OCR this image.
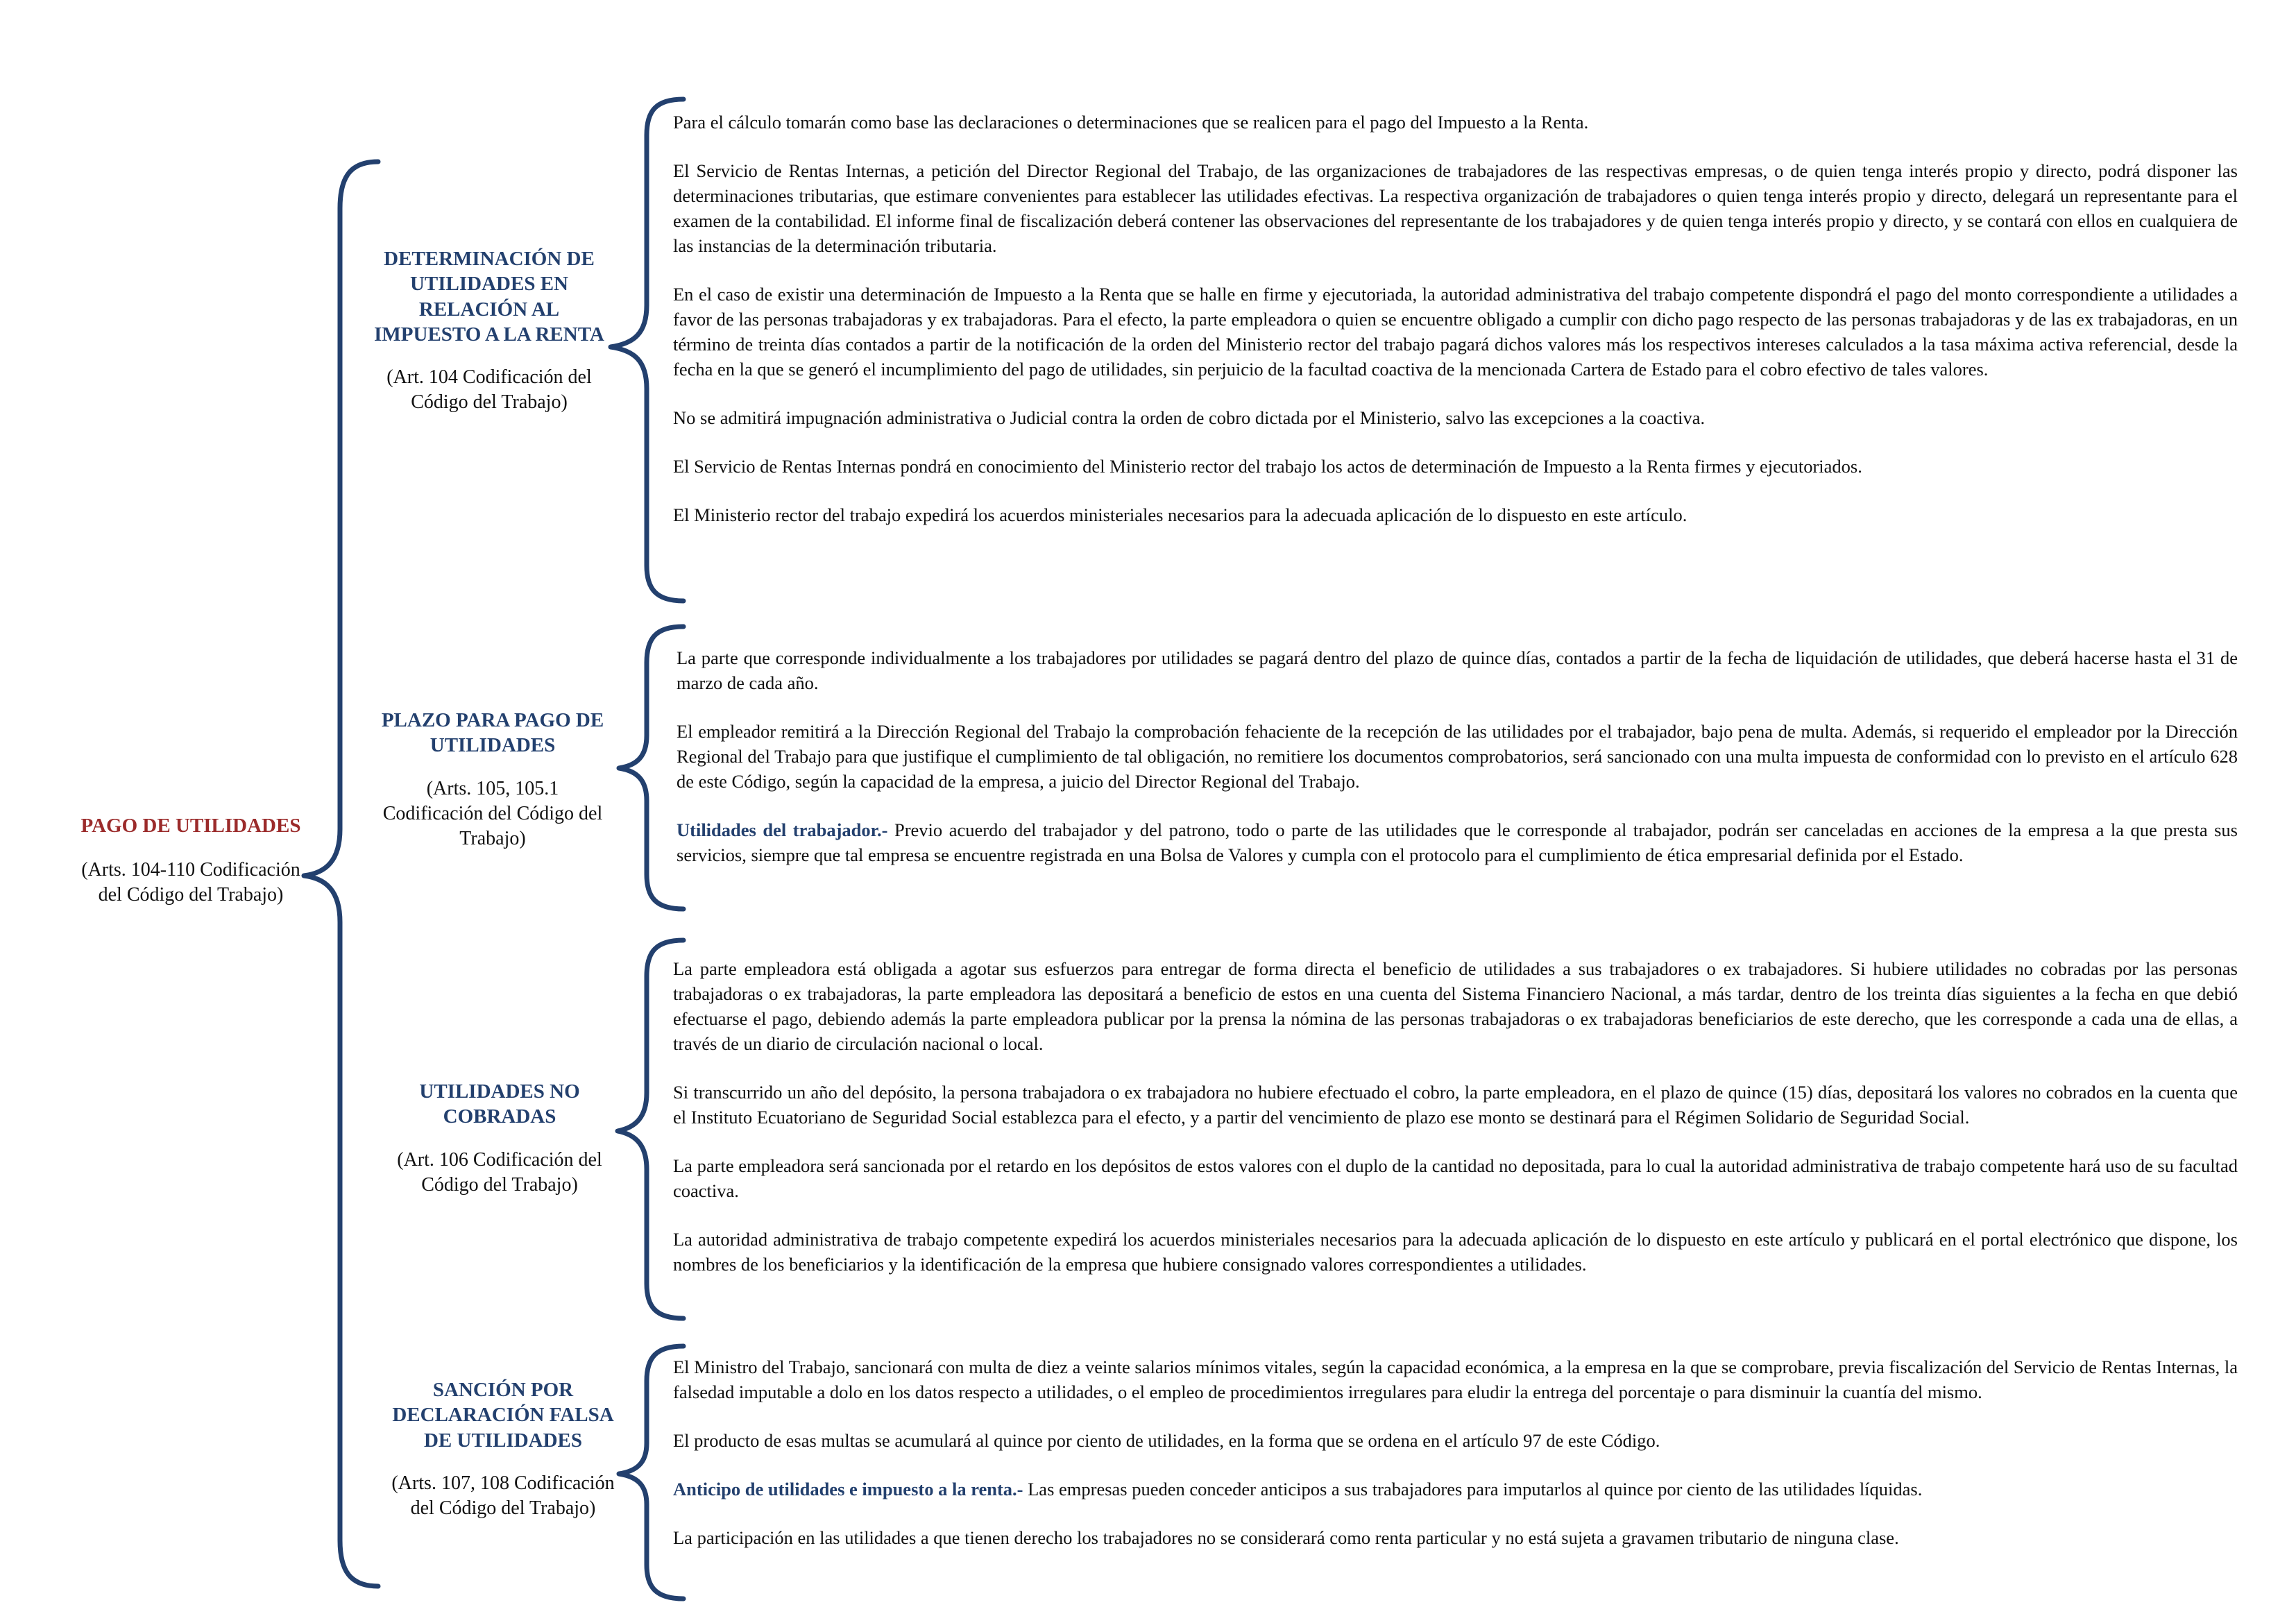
PAGO DE UTILIDADES
(Arts. 104-110 Codificación del Código del Trabajo)
DETERMINACIÓN DE UTILIDADES EN RELACIÓN AL IMPUESTO A LA RENTA
(Art. 104 Codificación del Código del Trabajo)

Para el cálculo tomarán como base las declaraciones o determinaciones que se realicen para el pago del Impuesto a la Renta.

El Servicio de Rentas Internas, a petición del Director Regional del Trabajo, de las organizaciones de trabajadores de las respectivas empresas, o de quien tenga interés propio y directo, podrá disponer las determinaciones tributarias, que estimare convenientes para establecer las utilidades efectivas. La respectiva organización de trabajadores o quien tenga interés propio y directo, delegará un representante para el examen de la contabilidad. El informe final de fiscalización deberá contener las observaciones del representante de los trabajadores y de quien tenga interés propio y directo, y se contará con ellos en cualquiera de las instancias de la determinación tributaria.

En el caso de existir una determinación de Impuesto a la Renta que se halle en firme y ejecutoriada, la autoridad administrativa del trabajo competente dispondrá el pago del monto correspondiente a utilidades a favor de las personas trabajadoras y ex trabajadoras. Para el efecto, la parte empleadora o quien se encuentre obligado a cumplir con dicho pago respecto de las personas trabajadoras y de las ex trabajadoras, en un término de treinta días contados a partir de la notificación de la orden del Ministerio rector del trabajo pagará dichos valores más los respectivos intereses calculados a la tasa máxima activa referencial, desde la fecha en la que se generó el incumplimiento del pago de utilidades, sin perjuicio de la facultad coactiva de la mencionada Cartera de Estado para el cobro efectivo de tales valores.

No se admitirá impugnación administrativa o Judicial contra la orden de cobro dictada por el Ministerio, salvo las excepciones a la coactiva.

El Servicio de Rentas Internas pondrá en conocimiento del Ministerio rector del trabajo los actos de determinación de Impuesto a la Renta firmes y ejecutoriados.

El Ministerio rector del trabajo expedirá los acuerdos ministeriales necesarios para la adecuada aplicación de lo dispuesto en este artículo.

PLAZO PARA PAGO DE UTILIDADES
(Arts. 105, 105.1 Codificación del Código del Trabajo)

La parte que corresponde individualmente a los trabajadores por utilidades se pagará dentro del plazo de quince días, contados a partir de la fecha de liquidación de utilidades, que deberá hacerse hasta el 31 de marzo de cada año.

El empleador remitirá a la Dirección Regional del Trabajo la comprobación fehaciente de la recepción de las utilidades por el trabajador, bajo pena de multa. Además, si requerido el empleador por la Dirección Regional del Trabajo para que justifique el cumplimiento de tal obligación, no remitiere los documentos comprobatorios, será sancionado con una multa impuesta de conformidad con lo previsto en el artículo 628 de este Código, según la capacidad de la empresa, a juicio del Director Regional del Trabajo.

Utilidades del trabajador.- Previo acuerdo del trabajador y del patrono, todo o parte de las utilidades que le corresponde al trabajador, podrán ser canceladas en acciones de la empresa a la que presta sus servicios, siempre que tal empresa se encuentre registrada en una Bolsa de Valores y cumpla con el protocolo para el cumplimiento de ética empresarial definida por el Estado.

UTILIDADES NO COBRADAS
(Art. 106 Codificación del Código del Trabajo)

La parte empleadora está obligada a agotar sus esfuerzos para entregar de forma directa el beneficio de utilidades a sus trabajadores o ex trabajadores. Si hubiere utilidades no cobradas por las personas trabajadoras o ex trabajadoras, la parte empleadora las depositará a beneficio de estos en una cuenta del Sistema Financiero Nacional, a más tardar, dentro de los treinta días siguientes a la fecha en que debió efectuarse el pago, debiendo además la parte empleadora publicar por la prensa la nómina de las personas trabajadoras o ex trabajadoras beneficiarios de este derecho, que les corresponde a cada una de ellas, a través de un diario de circulación nacional o local.

Si transcurrido un año del depósito, la persona trabajadora o ex trabajadora no hubiere efectuado el cobro, la parte empleadora, en el plazo de quince (15) días, depositará los valores no cobrados en la cuenta que el Instituto Ecuatoriano de Seguridad Social establezca para el efecto, y a partir del vencimiento de plazo ese monto se destinará para el Régimen Solidario de Seguridad Social.

La parte empleadora será sancionada por el retardo en los depósitos de estos valores con el duplo de la cantidad no depositada, para lo cual la autoridad administrativa de trabajo competente hará uso de su facultad coactiva.

La autoridad administrativa de trabajo competente expedirá los acuerdos ministeriales necesarios para la adecuada aplicación de lo dispuesto en este artículo y publicará en el portal electrónico que dispone, los nombres de los beneficiarios y la identificación de la empresa que hubiere consignado valores correspondientes a utilidades.

SANCIÓN POR DECLARACIÓN FALSA DE UTILIDADES
(Arts. 107, 108 Codificación del Código del Trabajo)

El Ministro del Trabajo, sancionará con multa de diez a veinte salarios mínimos vitales, según la capacidad económica, a la empresa en la que se comprobare, previa fiscalización del Servicio de Rentas Internas, la falsedad imputable a dolo en los datos respecto a utilidades, o el empleo de procedimientos irregulares para eludir la entrega del porcentaje o para disminuir la cuantía del mismo.

El producto de esas multas se acumulará al quince por ciento de utilidades, en la forma que se ordena en el artículo 97 de este Código.

Anticipo de utilidades e impuesto a la renta.- Las empresas pueden conceder anticipos a sus trabajadores para imputarlos al quince por ciento de las utilidades líquidas.

La participación en las utilidades a que tienen derecho los trabajadores no se considerará como renta particular y no está sujeta a gravamen tributario de ninguna clase.
